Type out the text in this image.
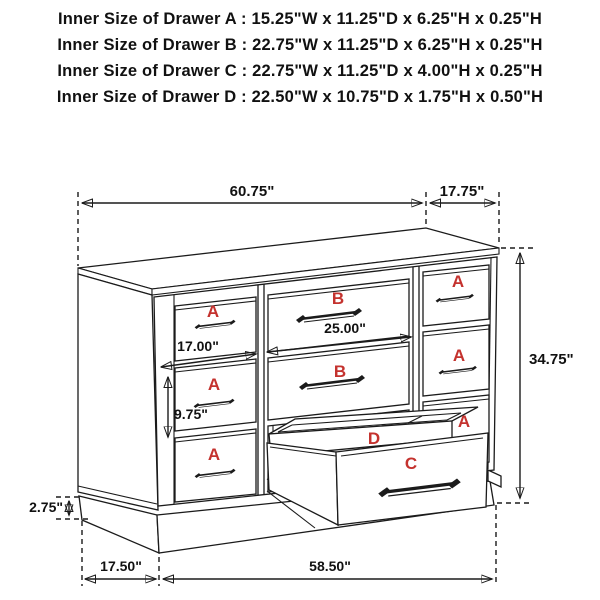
Inner Size of Drawer A : 15.25"W x 11.25"D x 6.25"H x 0.25"H
Inner Size of Drawer B : 22.75"W x 11.25"D x 6.25"H x 0.25"H
Inner Size of Drawer C : 22.75"W x 11.25"D x 4.00"H x 0.25"H
Inner Size of Drawer D : 22.50"W x 10.75"D x 1.75"H x 0.50"H
A
A
A
B
B
A
A
A
D
C
60.75"	17.75"
34.75"
25.00"
17.00"
9.75"
2.75"
17.50"	58.50"
